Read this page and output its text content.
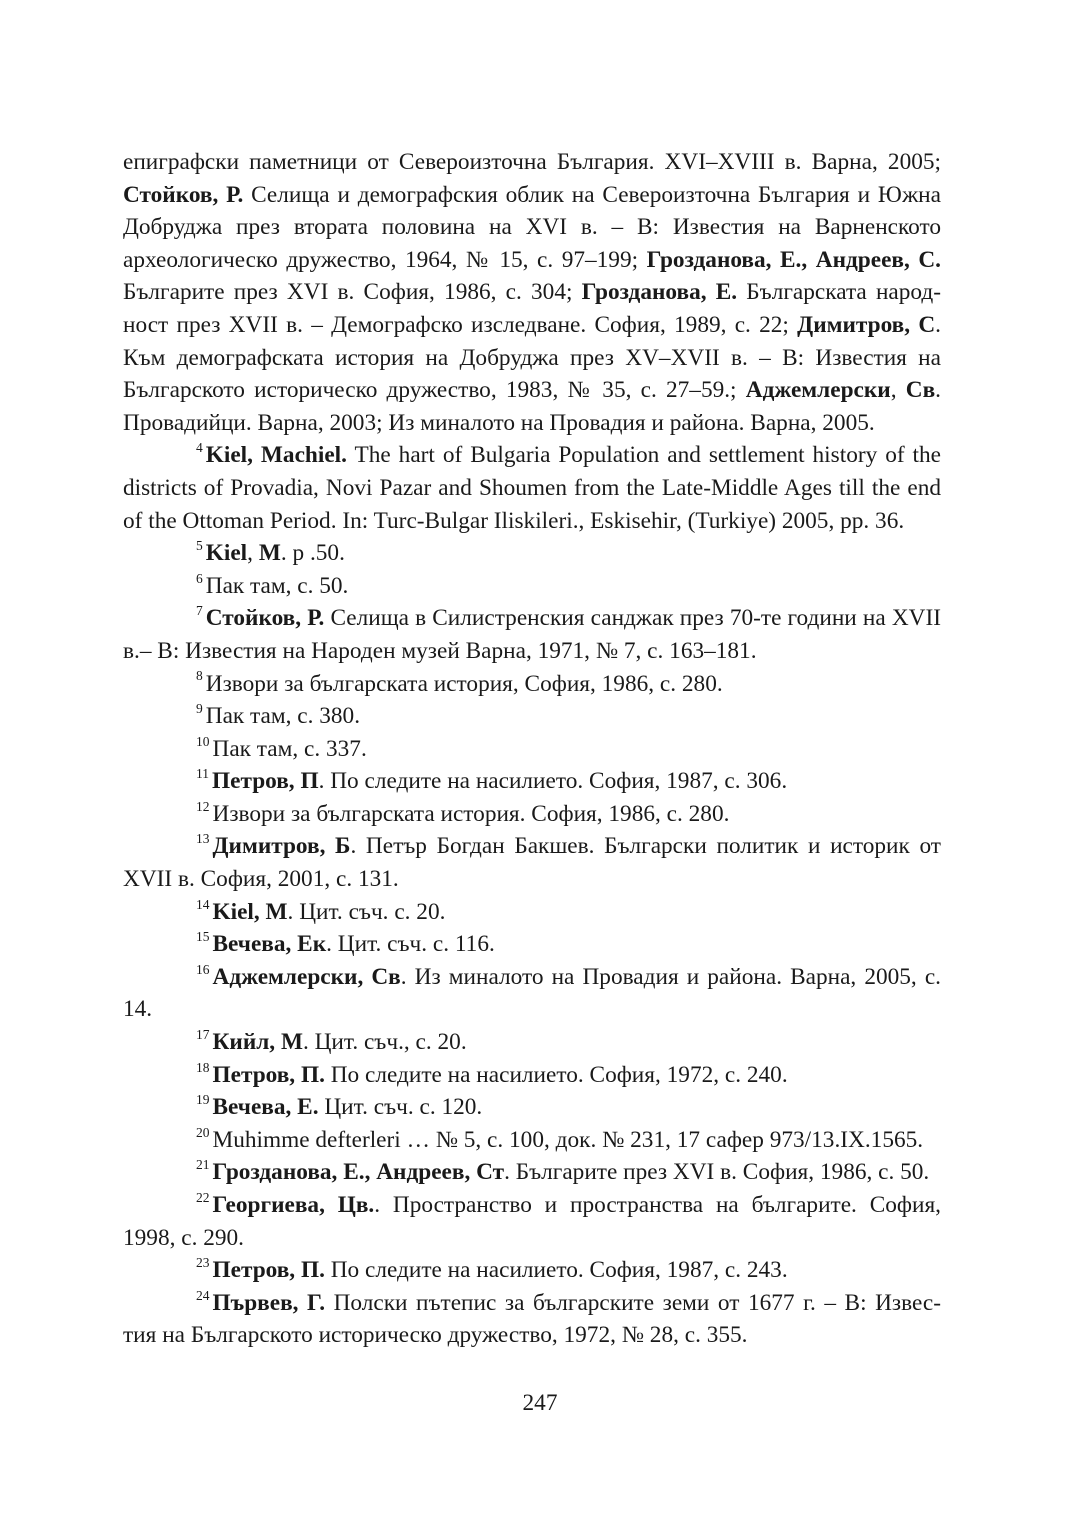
епиграфски паметници от Североизточна България. XVI–XVIII в. Варна, 2005; Стойков, Р. Селища и демографския облик на Североизточна България и Южна Добруджа през втората половина на XVI в. – В: Известия на Варненското археологическо дружество, 1964, № 15, с. 97–199; Грозданова, Е., Андреев, С. Българите през XVI в. София, 1986, с. 304; Грозданова, Е. Българската народ-ност през XVII в. – Демографско изследване. София, 1989, с. 22; Димитров, С. Към демографската история на Добруджа през XV–XVII в. – В: Известия на Българското историческо дружество, 1983, № 35, с. 27–59.; Аджемлерски, Св. Провадийци. Варна, 2003; Из миналото на Провадия и района. Варна, 2005.

$^4$ Kiel, Machiel. The hart of Bulgaria Population and settlement history of the districts of Provadia, Novi Pazar and Shoumen from the Late-Middle Ages till the end of the Ottoman Period. In: Turc-Bulgar Iliskileri., Eskisehir, (Turkiye) 2005, pp. 36.

$^5$ Kiel, M. p .50.

$^6$ Пак там, с. 50.

$^7$ Стойков, Р. Селища в Силистренския санджак през 70-те години на XVII в.– В: Известия на Народен музей Варна, 1971, № 7, с. 163–181.

$^8$ Извори за българската история, София, 1986, с. 280.

$^9$ Пак там, с. 380.

$^{10}$ Пак там, с. 337.

$^{11}$ Петров, П. По следите на насилието. София, 1987, с. 306.

$^{12}$ Извори за българската история. София, 1986, с. 280.

$^{13}$ Димитров, Б. Петър Богдан Бакшев. Български политик и историк от XVII в. София, 2001, с. 131.

$^{14}$ Kiel, M. Цит. съч. с. 20.

$^{15}$ Вечева, Ек. Цит. съч. с. 116.

$^{16}$ Аджемлерски, Св. Из миналото на Провадия и района. Варна, 2005, с. 14.

$^{17}$ Кийл, М. Цит. съч., с. 20.

$^{18}$ Петров, П. По следите на насилието. София, 1972, с. 240.

$^{19}$ Вечева, Е. Цит. съч. с. 120.

$^{20}$ Muhimme defterleri … № 5, с. 100, док. № 231, 17 сафер 973/13.IX.1565.

$^{21}$ Грозданова, Е., Андреев, Ст. Българите през XVI в. София, 1986, с. 50.

$^{22}$ Георгиева, Цв.. Пространство и пространства на българите. София, 1998, с. 290.

$^{23}$ Петров, П. По следите на насилието. София, 1987, с. 243.

$^{24}$ Първев, Г. Полски пътепис за българските земи от 1677 г. – В: Извес-тия на Българското историческо дружество, 1972, № 28, с. 355.

247
